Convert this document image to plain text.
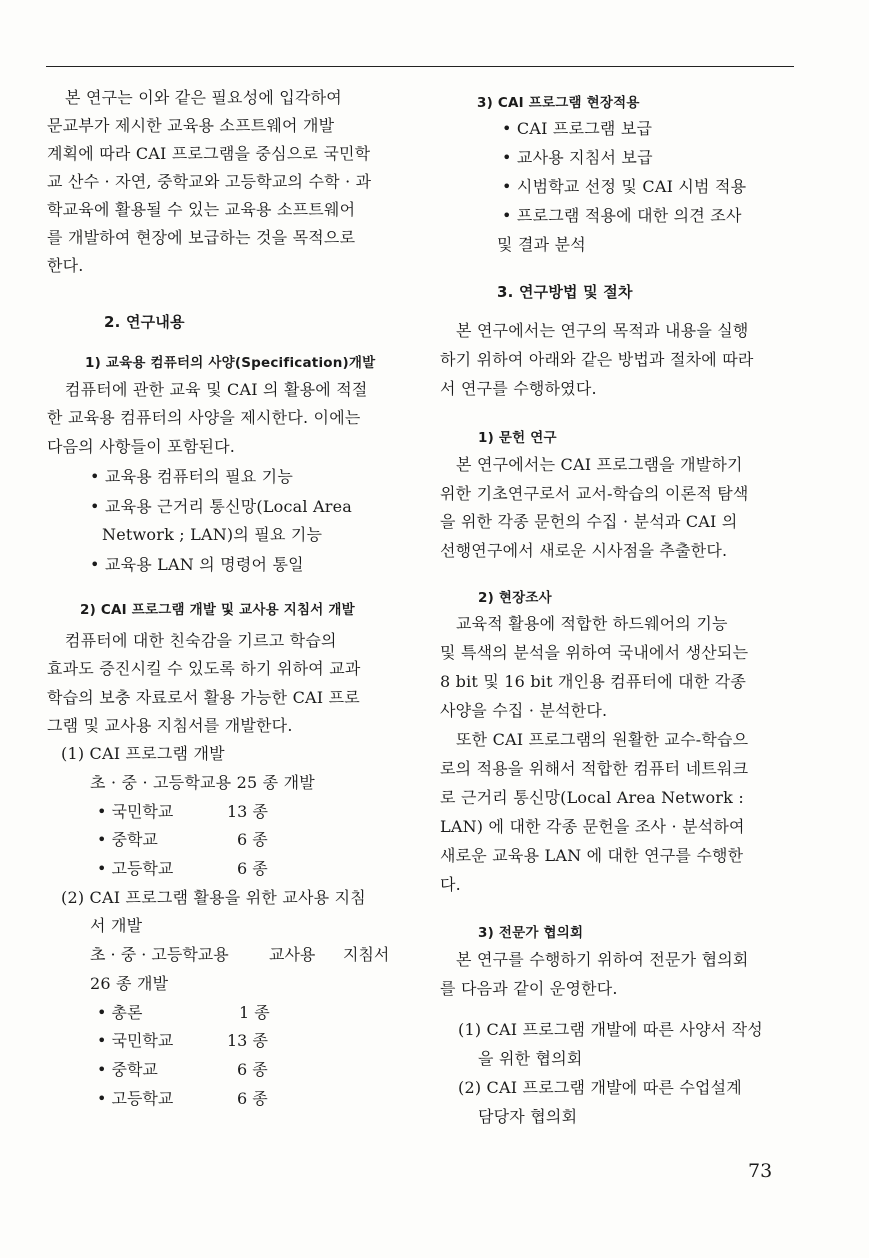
본 연구는 이와 같은 필요성에 입각하여
문교부가 제시한 교육용 소프트웨어 개발
계획에 따라 CAI 프로그램을 중심으로 국민학
교 산수 · 자연, 중학교와 고등학교의 수학 · 과
학교육에 활용될 수 있는 교육용 소프트웨어
를 개발하여 현장에 보급하는 것을 목적으로
한다.
2. 연구내용
1) 교육용 컴퓨터의 사양(Specification)개발
컴퓨터에 관한 교육 및 CAI 의 활용에 적절
한 교육용 컴퓨터의 사양을 제시한다. 이에는
다음의 사항들이 포함된다.
• 교육용 컴퓨터의 필요 기능
• 교육용 근거리 통신망(Local Area
Network ; LAN)의 필요 기능
• 교육용 LAN 의 명령어 통일
2) CAI 프로그램 개발 및 교사용 지침서 개발
컴퓨터에 대한 친숙감을 기르고 학습의
효과도 증진시킬 수 있도록 하기 위하여 교과
학습의 보충 자료로서 활용 가능한 CAI 프로
그램 및 교사용 지침서를 개발한다.
(1) CAI 프로그램 개발
초 · 중 · 고등학교용 25 종 개발
• 국민학교	13 종
• 중학교	6 종
• 고등학교	6 종
(2) CAI 프로그램 활용을 위한 교사용 지침
서 개발
초 · 중 · 고등학교용	교사용 지침서
26 종 개발
• 총론	1 종
• 국민학교	13 종
• 중학교	6 종
• 고등학교	6 종
3) CAI 프로그램 현장적용
• CAI 프로그램 보급
• 교사용 지침서 보급
• 시범학교 선정 및 CAI 시범 적용
• 프로그램 적용에 대한 의견 조사
및 결과 분석
3. 연구방법 및 절차
본 연구에서는 연구의 목적과 내용을 실행
하기 위하여 아래와 같은 방법과 절차에 따라
서 연구를 수행하였다.
1) 문헌 연구
본 연구에서는 CAI 프로그램을 개발하기
위한 기초연구로서 교서-학습의 이론적 탐색
을 위한 각종 문헌의 수집 · 분석과 CAI 의
선행연구에서 새로운 시사점을 추출한다.
2) 현장조사
교육적 활용에 적합한 하드웨어의 기능
및 특색의 분석을 위하여 국내에서 생산되는
8 bit 및 16 bit 개인용 컴퓨터에 대한 각종
사양을 수집 · 분석한다.
또한 CAI 프로그램의 원활한 교수-학습으
로의 적용을 위해서 적합한 컴퓨터 네트워크
로 근거리 통신망(Local Area Network :
LAN) 에 대한 각종 문헌을 조사 · 분석하여
새로운 교육용 LAN 에 대한 연구를 수행한
다.
3) 전문가 협의회
본 연구를 수행하기 위하여 전문가 협의회
를 다음과 같이 운영한다.
(1) CAI 프로그램 개발에 따른 사양서 작성
을 위한 협의회
(2) CAI 프로그램 개발에 따른 수업설계
담당자 협의회
73
